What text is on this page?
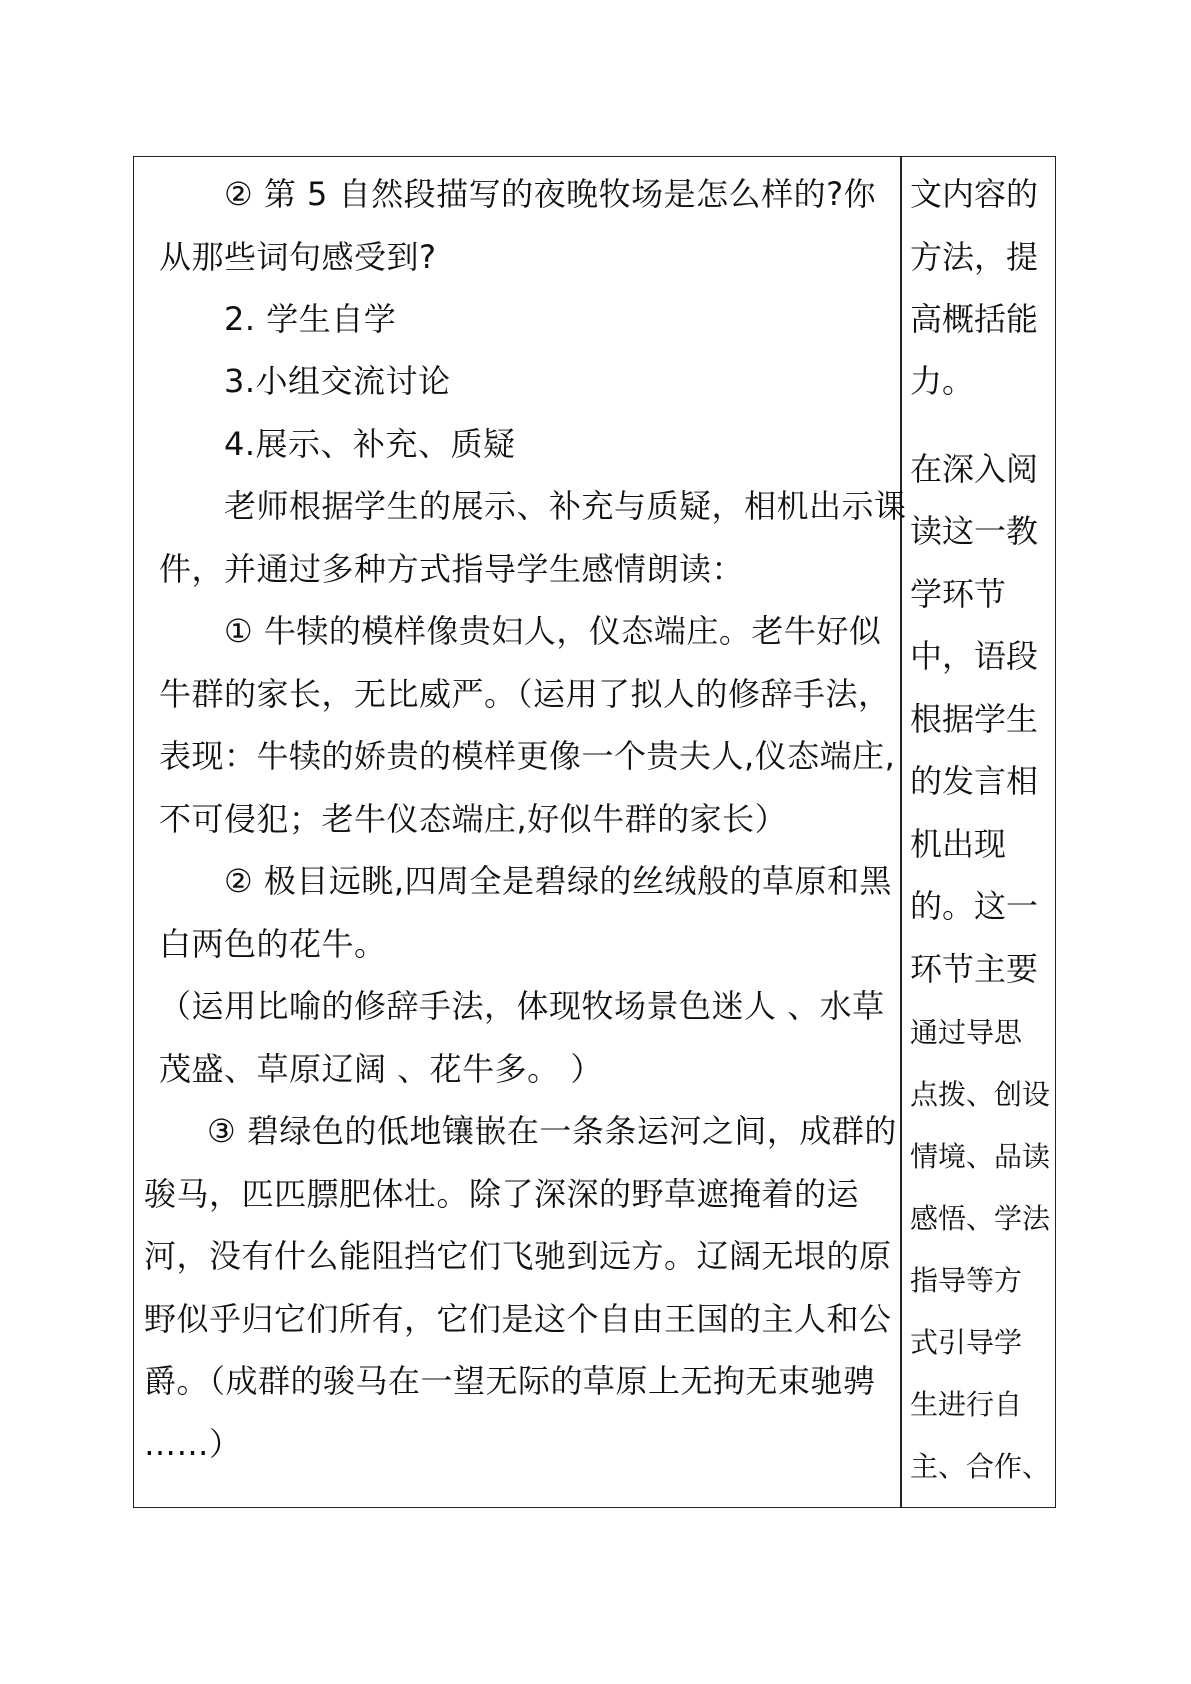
② 第 5 自然段描写的夜晚牧场是怎么样的?你
从那些词句感受到?
2. 学生自学
3.小组交流讨论
4.展示、补充、质疑
老师根据学生的展示、补充与质疑，相机出示课
件，并通过多种方式指导学生感情朗读：
① 牛犊的模样像贵妇人，仪态端庄。老牛好似
牛群的家长，无比威严。（运用了拟人的修辞手法，
表现：牛犊的娇贵的模样更像一个贵夫人,仪态端庄,
不可侵犯；老牛仪态端庄,好似牛群的家长）
② 极目远眺,四周全是碧绿的丝绒般的草原和黑
白两色的花牛。
（运用比喻的修辞手法，体现牧场景色迷人 、水草
茂盛、草原辽阔 、花牛多。 ）
③ 碧绿色的低地镶嵌在一条条运河之间，成群的
骏马，匹匹膘肥体壮。除了深深的野草遮掩着的运
河，没有什么能阻挡它们飞驰到远方。辽阔无垠的原
野似乎归它们所有，它们是这个自由王国的主人和公
爵。（成群的骏马在一望无际的草原上无拘无束驰骋
……）
文内容的
方法，提
高概括能
力。
在深入阅
读这一教
学环节
中，语段
根据学生
的发言相
机出现
的。这一
环节主要
通过导思
点拨、创设
情境、品读
感悟、学法
指导等方
式引导学
生进行自
主、合作、
